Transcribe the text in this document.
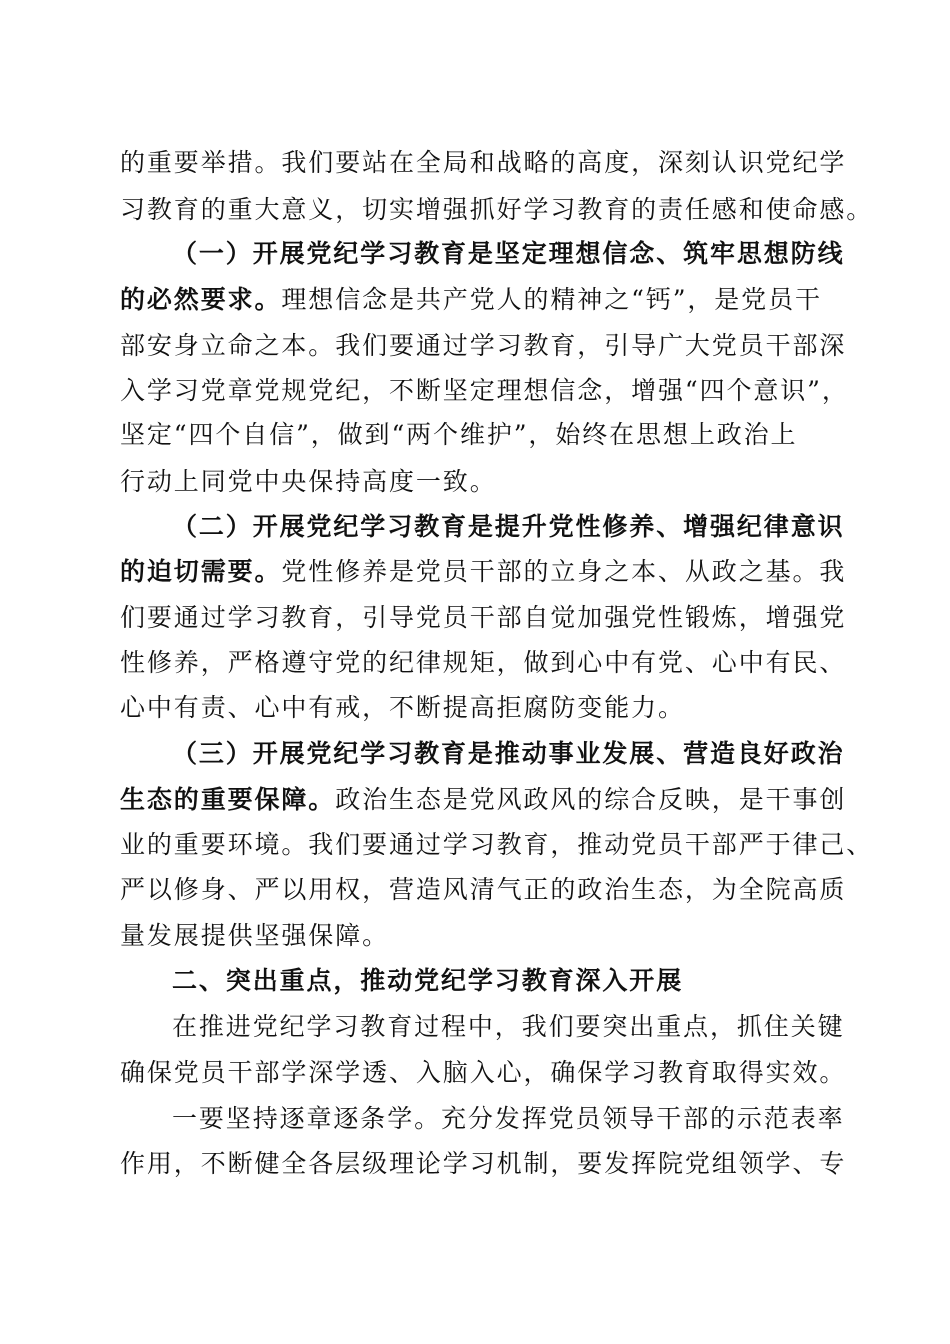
的重要举措。我们要站在全局和战略的高度，深刻认识党纪学
习教育的重大意义，切实增强抓好学习教育的责任感和使命感。
（一）开展党纪学习教育是坚定理想信念、筑牢思想防线
的必然要求。理想信念是共产党人的精神之“钙”，是党员干
部安身立命之本。我们要通过学习教育，引导广大党员干部深
入学习党章党规党纪，不断坚定理想信念，增强“四个意识”，
坚定“四个自信”，做到“两个维护”，始终在思想上政治上
行动上同党中央保持高度一致。
（二）开展党纪学习教育是提升党性修养、增强纪律意识
的迫切需要。党性修养是党员干部的立身之本、从政之基。我
们要通过学习教育，引导党员干部自觉加强党性锻炼，增强党
性修养，严格遵守党的纪律规矩，做到心中有党、心中有民、
心中有责、心中有戒，不断提高拒腐防变能力。
（三）开展党纪学习教育是推动事业发展、营造良好政治
生态的重要保障。政治生态是党风政风的综合反映，是干事创
业的重要环境。我们要通过学习教育，推动党员干部严于律己、
严以修身、严以用权，营造风清气正的政治生态，为全院高质
量发展提供坚强保障。
二、突出重点，推动党纪学习教育深入开展
在推进党纪学习教育过程中，我们要突出重点，抓住关键
确保党员干部学深学透、入脑入心，确保学习教育取得实效。
一要坚持逐章逐条学。充分发挥党员领导干部的示范表率
作用，不断健全各层级理论学习机制，要发挥院党组领学、专
